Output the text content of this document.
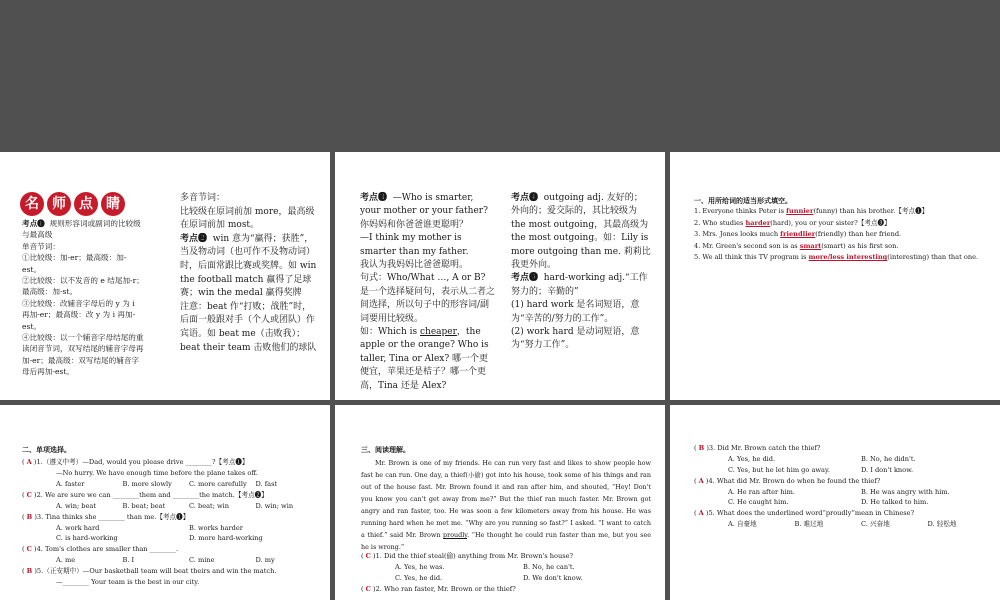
名 师 点 睛
考点❶ 规则形容词或副词的比较级与最高级
单音节词：
①比较级：加-er；最高级：加-est。
②比较级：以不发音的 e 结尾加-r；最高级：加-st。
③比较级：改辅音字母后的 y 为 i 再加-er；最高级：改 y 为 i 再加-est。
④比较级：以一个辅音字母结尾的重读闭音节词，双写结尾的辅音字母再加-er；最高级：双写结尾的辅音字母后再加-est。
多音节词：
比较级在原词前加 more，最高级在原词前加 most。
考点❷ win 意为“赢得；获胜”，当及物动词（也可作不及物动词）时，后面常跟比赛或奖牌。如 win the football match 赢得了足球赛；win the medal 赢得奖牌
注意：beat 作“打败；战胜”时，后面一般跟对手（个人或团队）作宾语。如 beat me（击败我）；beat their team 击败他们的球队
考点❸ —Who is smarter, your mother or your father?
你妈妈和你爸爸谁更聪明？
—I think my mother is smarter than my father.
我认为我妈妈比爸爸聪明。
句式：Who/What …, A or B? 是一个选择疑问句，表示从二者之间选择，所以句子中的形容词/副词要用比较级。
如：Which is cheaper，the apple or the orange? Who is taller, Tina or Alex? 哪一个更便宜，苹果还是桔子？哪一个更高，Tina 还是 Alex?
考点❹ outgoing adj. 友好的；外向的；爱交际的，其比较级为 the most outgoing，其最高级为 the most outgoing。如：Lily is more outgoing than me. 莉莉比我更外向。
考点❺ hard-working adj.“工作努力的；辛勤的”
(1) hard work 是名词短语，意为“辛苦的/努力的工作”。
(2) work hard 是动词短语，意为“努力工作”。
一、用所给词的适当形式填空。
1. Everyone thinks Peter is funnier(funny) than his brother.【考点❶】
2. Who studies harder(hard), you or your sister?【考点❸】
3. Mrs. Jones looks much friendlier(friendly) than her friend.
4. Mr. Green's second son is as smart(smart) as his first son.
5. We all think this TV program is more/less interesting(interesting) than that one.
二、单项选择。
( A )1.（遵义中考）—Dad, would you please drive ________?【考点❶】
—No hurry. We have enough time before the plane takes off.
A. faster	B. more slowly	C. more carefully	D. fast
( C )2. We are sure we can ________them and ________the match.【考点❷】
A. win; beat	B. beat; beat	C. beat; win	D. win; win
( B )3. Tina thinks she ________ than me.【考点❶】
A. work hard	B. works harder
C. is hard-working	D. more hard-working
( C )4. Tom's clothes are smaller than ________.
A. me	B. I	C. mine	D. my
( B )5.（正安期中）—Our basketball team will beat theirs and win the match.
—________ Your team is the best in our city.
三、阅读理解。
Mr. Brown is one of my friends. He can run very fast and likes to show people how fast he can run. One day, a thief(小偷) got into his house, took some of his things and ran out of the house fast. Mr. Brown found it and ran after him, and shouted, “Hey! Don't you know you can't get away from me?” But the thief ran much faster. Mr. Brown got angry and ran faster, too. He was soon a few kilometers away from his house. He was running hard when he met me. “Why are you running so fast?” I asked. “I want to catch a thief.” said Mr. Brown proudly. “He thought he could run faster than me, but you see he is wrong.”
( C )1. Did the thief steal(偷) anything from Mr. Brown's house?
A. Yes, he was.	B. No, he can't.
C. Yes, he did.	D. We don't know.
( C )2. Who ran faster, Mr. Brown or the thief?
( B )3. Did Mr. Brown catch the thief?
A. Yes, he did.	B. No, he didn't.
C. Yes, but he let him go away.	D. I don't know.
( A )4. What did Mr. Brown do when he found the thief?
A. He ran after him.	B. He was angry with him.
C. He caught him.	D. He talked to him.
( A )5. What does the underlined word“proudly”mean in Chinese?
A. 自豪地	B. 难过地	C. 兴奋地	D. 轻松地
